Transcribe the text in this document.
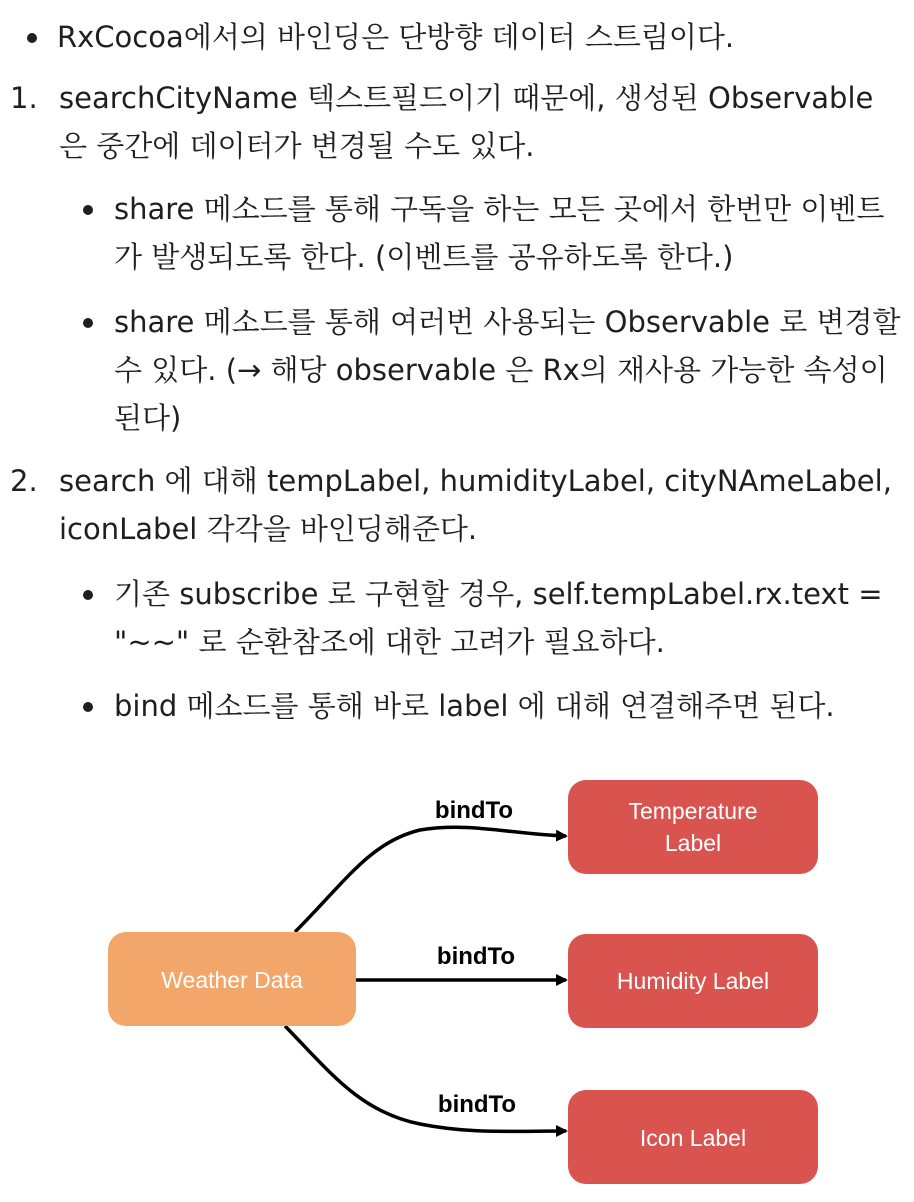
RxCocoa에서의 바인딩은 단방향 데이터 스트림이다.
1. searchCityName 텍스트필드이기 때문에, 생성된 Observable
은 중간에 데이터가 변경될 수도 있다.
share 메소드를 통해 구독을 하는 모든 곳에서 한번만 이벤트
가 발생되도록 한다. (이벤트를 공유하도록 한다.)
share 메소드를 통해 여러번 사용되는 Observable 로 변경할
수 있다. (→ 해당 observable 은 Rx의 재사용 가능한 속성이
된다)
2. search 에 대해 tempLabel, humidityLabel, cityNAmeLabel,
iconLabel 각각을 바인딩해준다.
기존 subscribe 로 구현할 경우, self.tempLabel.rx.text =
"~~" 로 순환참조에 대한 고려가 필요하다.
bind 메소드를 통해 바로 label 에 대해 연결해주면 된다.
bindTo
bindTo
bindTo
Weather Data
Temperature
Label
Humidity Label
Icon Label
